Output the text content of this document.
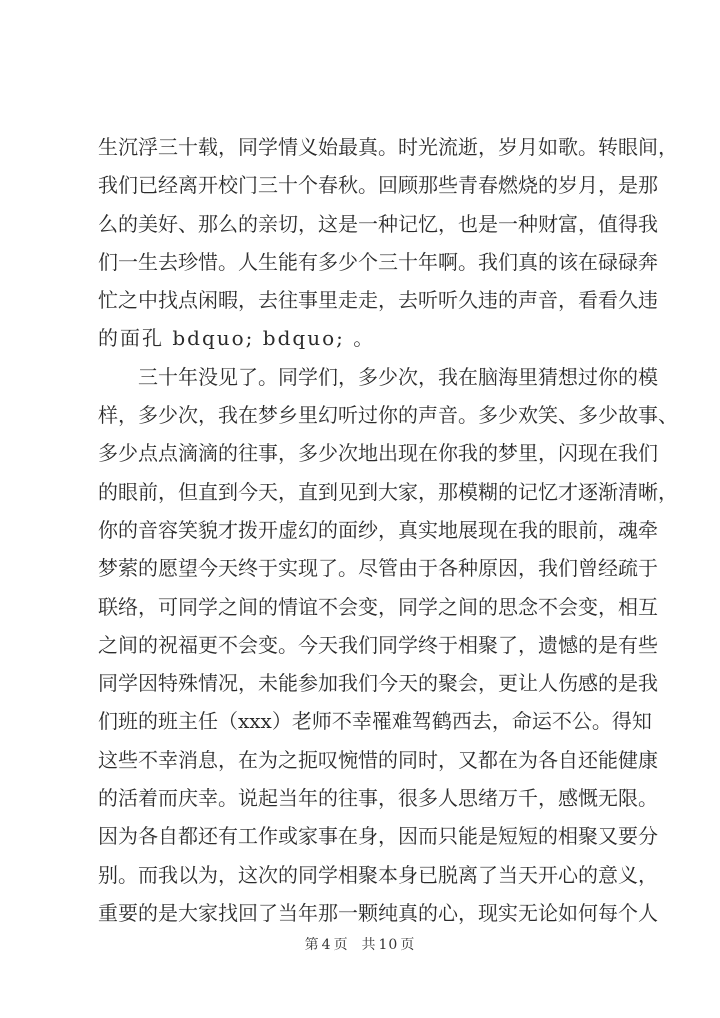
生沉浮三十载，同学情义始最真。时光流逝，岁月如歌。转眼间，
我们已经离开校门三十个春秋。回顾那些青春燃烧的岁月，是那
么的美好、那么的亲切，这是一种记忆，也是一种财富，值得我
们一生去珍惜。人生能有多少个三十年啊。我们真的该在碌碌奔
忙之中找点闲暇，去往事里走走，去听听久违的声音，看看久违
的面孔 bdquo; bdquo; 。
三十年没见了。同学们，多少次，我在脑海里猜想过你的模
样，多少次，我在梦乡里幻听过你的声音。多少欢笑、多少故事、
多少点点滴滴的往事，多少次地出现在你我的梦里，闪现在我们
的眼前，但直到今天，直到见到大家，那模糊的记忆才逐渐清晰，
你的音容笑貌才拨开虚幻的面纱，真实地展现在我的眼前，魂牵
梦萦的愿望今天终于实现了。尽管由于各种原因，我们曾经疏于
联络，可同学之间的情谊不会变，同学之间的思念不会变，相互
之间的祝福更不会变。今天我们同学终于相聚了，遗憾的是有些
同学因特殊情况，未能参加我们今天的聚会，更让人伤感的是我
们班的班主任（xxx）老师不幸罹难驾鹤西去，命运不公。得知
这些不幸消息，在为之扼叹惋惜的同时，又都在为各自还能健康
的活着而庆幸。说起当年的往事，很多人思绪万千，感慨无限。
因为各自都还有工作或家事在身，因而只能是短短的相聚又要分
别。而我以为，这次的同学相聚本身已脱离了当天开心的意义，
重要的是大家找回了当年那一颗纯真的心，现实无论如何每个人
第 4 页 共 10 页
